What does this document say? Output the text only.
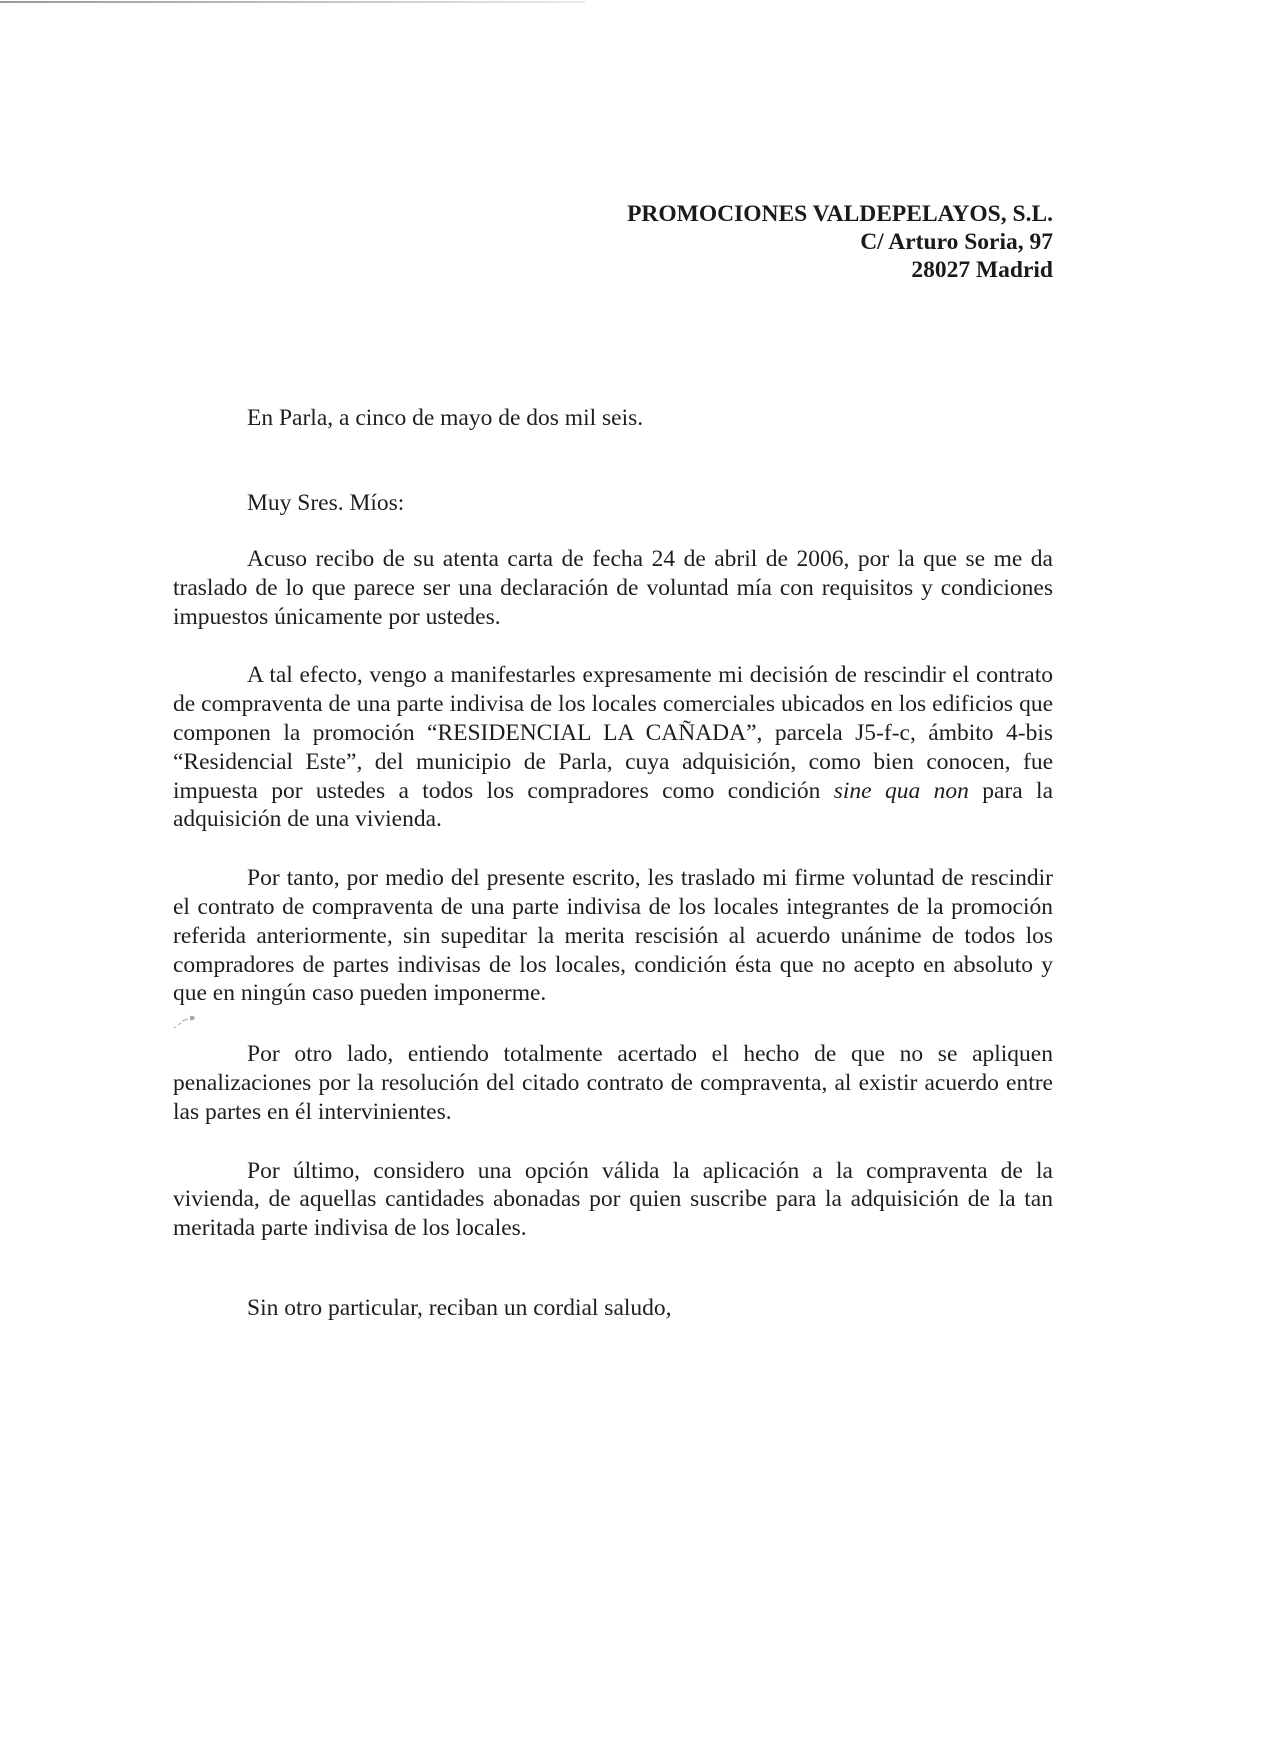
PROMOCIONES VALDEPELAYOS, S.L.
C/ Arturo Soria, 97
28027 Madrid
En Parla, a cinco de mayo de dos mil seis.
Muy Sres. Míos:

Acuso recibo de su atenta carta de fecha 24 de abril de 2006, por la que se me da traslado de lo que parece ser una declaración de voluntad mía con requisitos y condiciones impuestos únicamente por ustedes.

A tal efecto, vengo a manifestarles expresamente mi decisión de rescindir el contrato de compraventa de una parte indivisa de los locales comerciales ubicados en los edificios que componen la promoción “RESIDENCIAL LA CAÑADA”, parcela J5-f-c, ámbito 4-bis “Residencial Este”, del municipio de Parla, cuya adquisición, como bien conocen, fue impuesta por ustedes a todos los compradores como condición sine qua non para la adquisición de una vivienda.

Por tanto, por medio del presente escrito, les traslado mi firme voluntad de rescindir el contrato de compraventa de una parte indivisa de los locales integrantes de la promoción referida anteriormente, sin supeditar la merita rescisión al acuerdo unánime de todos los compradores de partes indivisas de los locales, condición ésta que no acepto en absoluto y que en ningún caso pueden imponerme.

Por otro lado, entiendo totalmente acertado el hecho de que no se apliquen penalizaciones por la resolución del citado contrato de compraventa, al existir acuerdo entre las partes en él intervinientes.

Por último, considero una opción válida la aplicación a la compraventa de la vivienda, de aquellas cantidades abonadas por quien suscribe para la adquisición de la tan meritada parte indivisa de los locales.

Sin otro particular, reciban un cordial saludo,
